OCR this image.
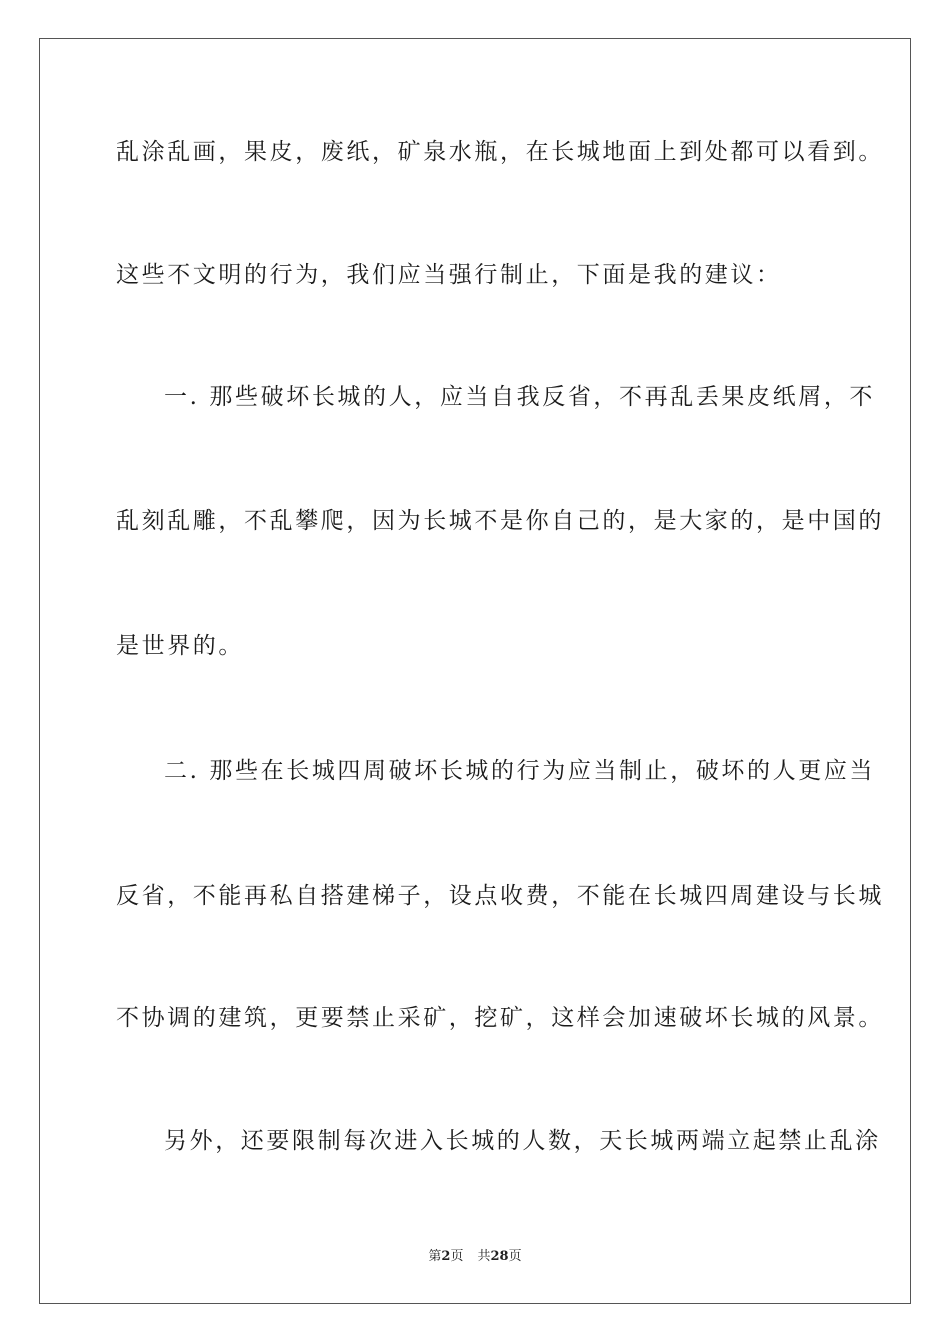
乱涂乱画，果皮，废纸，矿泉水瓶，在长城地面上到处都可以看到。
这些不文明的行为，我们应当强行制止，下面是我的建议：
一. 那些破坏长城的人，应当自我反省，不再乱丢果皮纸屑，不
乱刻乱雕，不乱攀爬，因为长城不是你自己的，是大家的，是中国的
是世界的。
二. 那些在长城四周破坏长城的行为应当制止，破坏的人更应当
反省，不能再私自搭建梯子，设点收费，不能在长城四周建设与长城
不协调的建筑，更要禁止采矿，挖矿，这样会加速破坏长城的风景。
另外，还要限制每次进入长城的人数，天长城两端立起禁止乱涂
第2页 共28页
